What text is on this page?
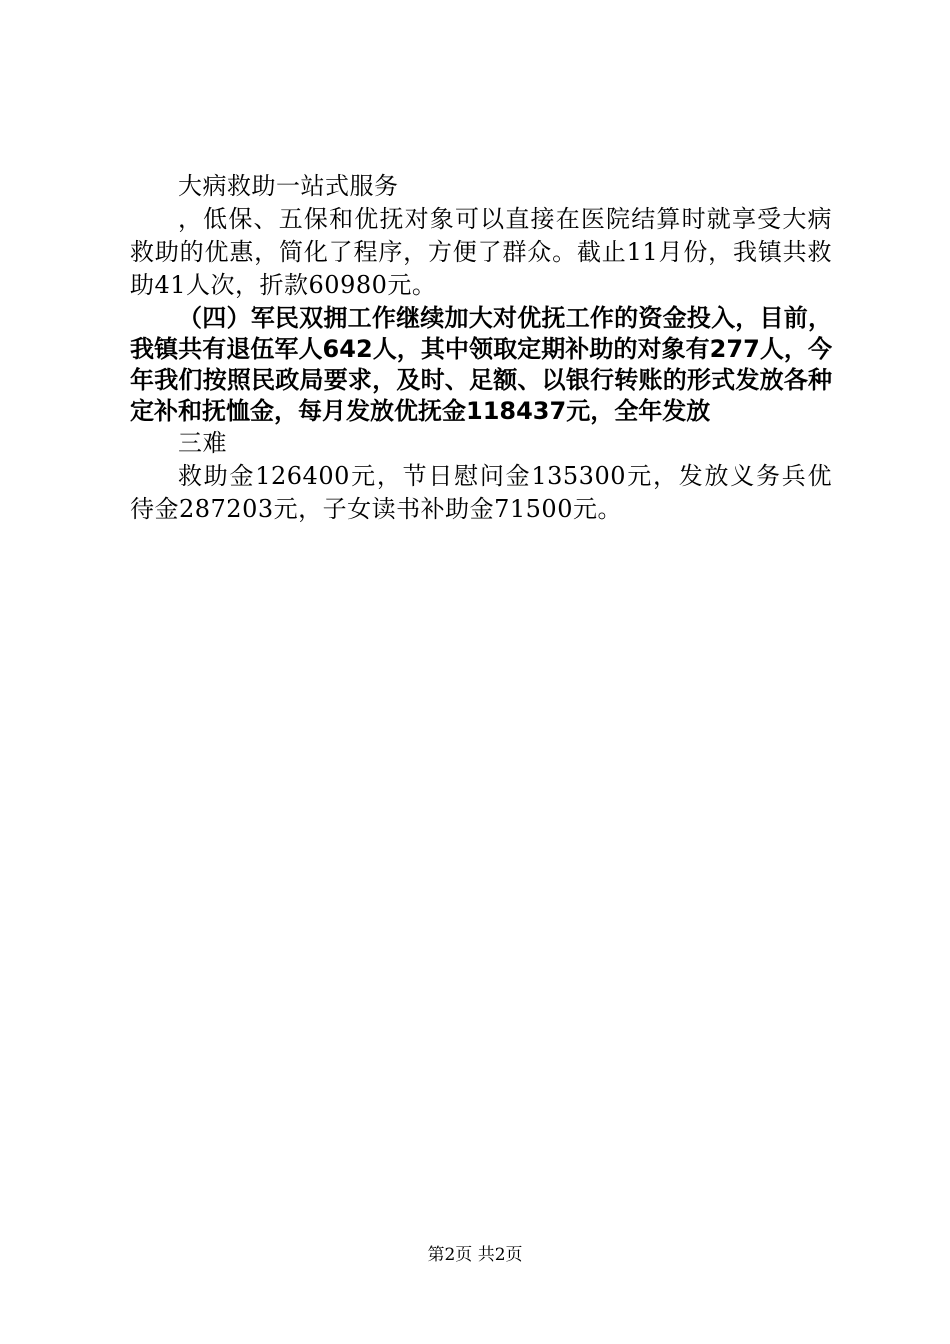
大病救助一站式服务

，低保、五保和优抚对象可以直接在医院结算时就享受大病救助的优惠，简化了程序，方便了群众。截止11月份，我镇共救助41人次，折款60980元。

（四）军民双拥工作继续加大对优抚工作的资金投入，目前，我镇共有退伍军人642人，其中领取定期补助的对象有277人，今年我们按照民政局要求，及时、足额、以银行转账的形式发放各种定补和抚恤金，每月发放优抚金118437元，全年发放

三难

救助金126400元，节日慰问金135300元，发放义务兵优待金287203元，子女读书补助金71500元。

第2页 共2页
